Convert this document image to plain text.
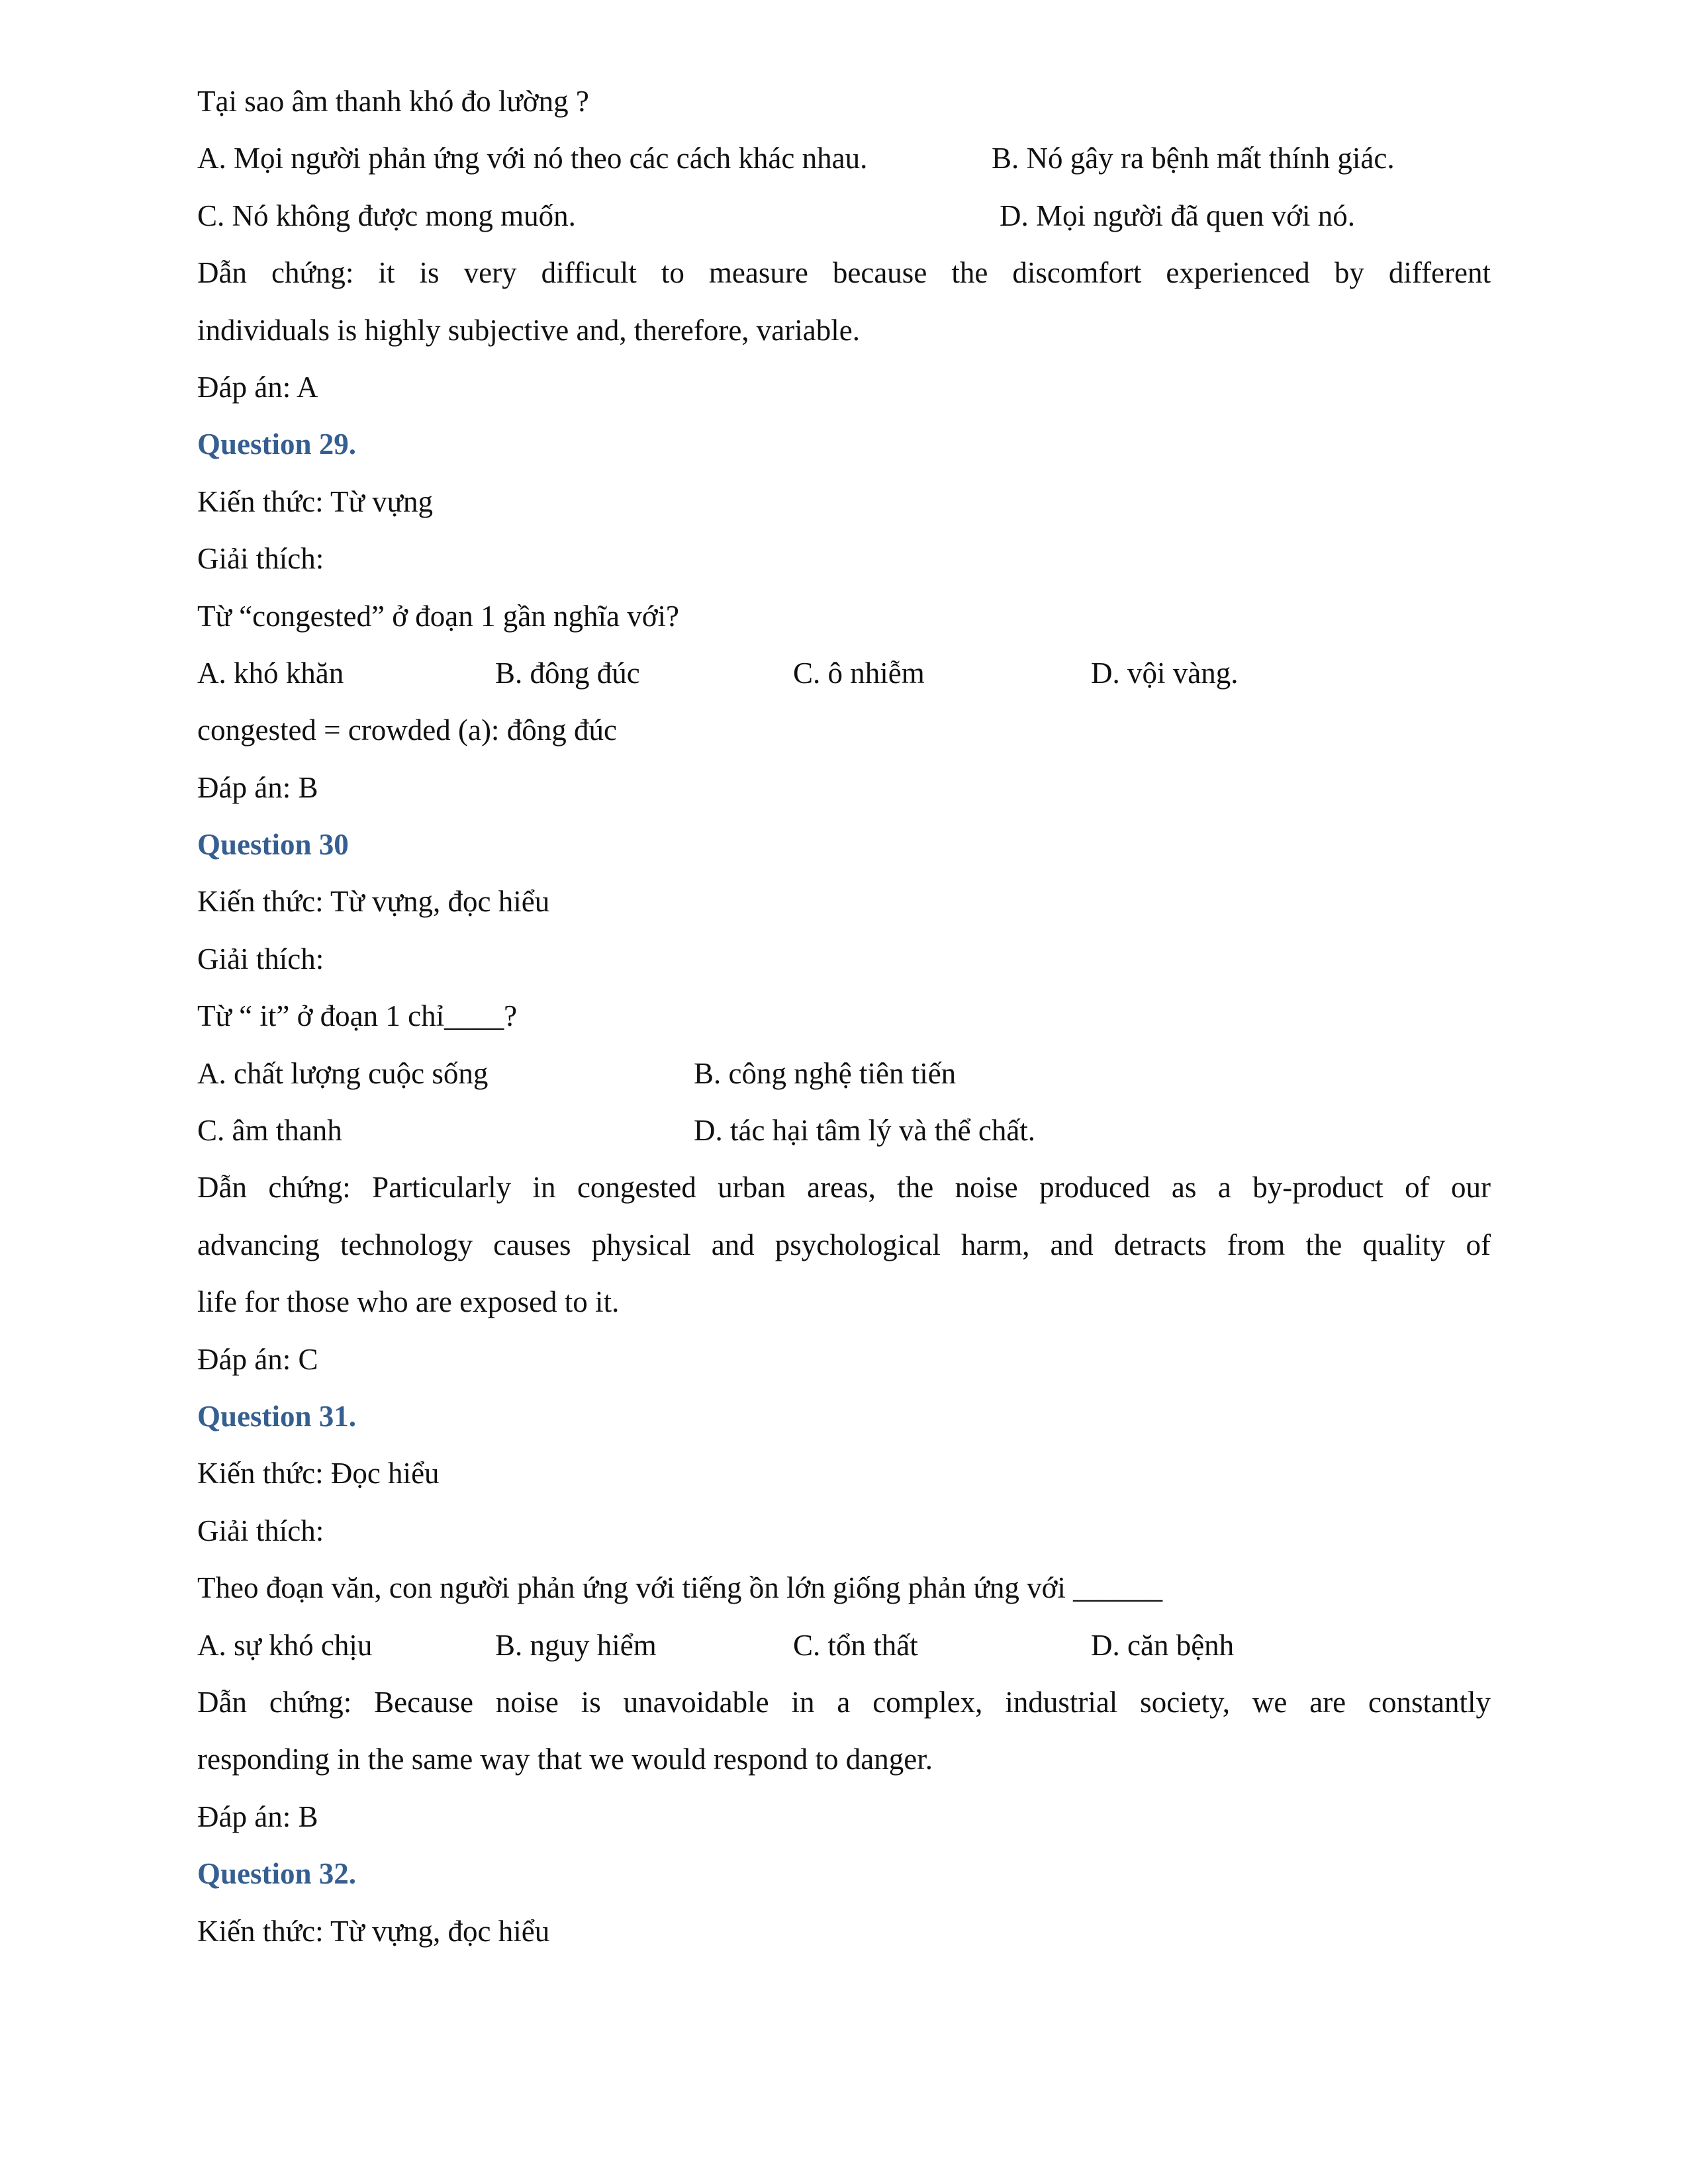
Tại sao âm thanh khó đo lường ?
A. Mọi người phản ứng với nó theo các cách khác nhau.	B. Nó gây ra bệnh mất thính giác.
C. Nó không được mong muốn.	D. Mọi người đã quen với nó.
Dẫn chứng: it is very difficult to measure because the discomfort experienced by different
individuals is highly subjective and, therefore, variable.
Đáp án: A
Question 29.
Kiến thức: Từ vựng
Giải thích:
Từ “congested” ở đoạn 1 gần nghĩa với?
A. khó khăn	B. đông đúc	C. ô nhiễm	D. vội vàng.
congested = crowded (a): đông đúc
Đáp án: B
Question 30
Kiến thức: Từ vựng, đọc hiểu
Giải thích:
Từ “ it” ở đoạn 1 chỉ____?
A. chất lượng cuộc sống	B. công nghệ tiên tiến
C. âm thanh	D. tác hại tâm lý và thể chất.
Dẫn chứng: Particularly in congested urban areas, the noise produced as a by-product of our
advancing technology causes physical and psychological harm, and detracts from the quality of
life for those who are exposed to it.
Đáp án: C
Question 31.
Kiến thức: Đọc hiểu
Giải thích:
Theo đoạn văn, con người phản ứng với tiếng ồn lớn giống phản ứng với ______
A. sự khó chịu	B. nguy hiểm	C. tổn thất	D. căn bệnh
Dẫn chứng: Because noise is unavoidable in a complex, industrial society, we are constantly
responding in the same way that we would respond to danger.
Đáp án: B
Question 32.
Kiến thức: Từ vựng, đọc hiểu
